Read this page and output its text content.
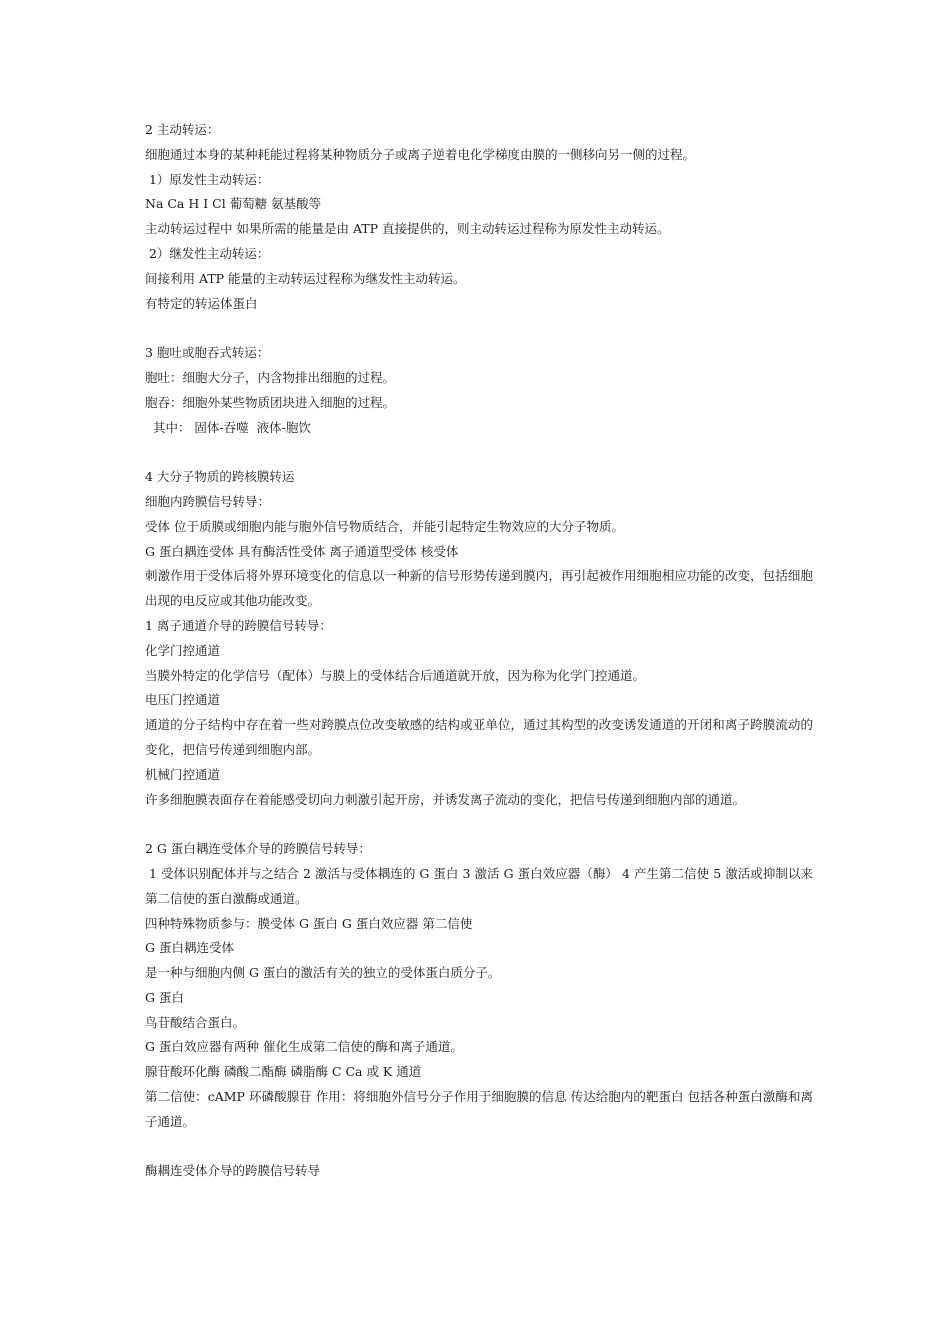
2 主动转运：
细胞通过本身的某种耗能过程将某种物质分子或离子逆着电化学梯度由膜的一侧移向另一侧的过程。
1）原发性主动转运：
Na Ca H I Cl 葡萄糖 氨基酸等
主动转运过程中 如果所需的能量是由 ATP 直接提供的，则主动转运过程称为原发性主动转运。
2）继发性主动转运：
间接利用 ATP 能量的主动转运过程称为继发性主动转运。
有特定的转运体蛋白
3 胞吐或胞吞式转运：
胞吐：细胞大分子，内含物排出细胞的过程。
胞吞：细胞外某些物质团块进入细胞的过程。
其中： 固体-吞噬  液体-胞饮
4 大分子物质的跨核膜转运
细胞内跨膜信号转导：
受体 位于质膜或细胞内能与胞外信号物质结合，并能引起特定生物效应的大分子物质。
G 蛋白耦连受体 具有酶活性受体 离子通道型受体 核受体
刺激作用于受体后将外界环境变化的信息以一种新的信号形势传递到膜内，再引起被作用细胞相应功能的改变，包括细胞出现的电反应或其他功能改变。
1 离子通道介导的跨膜信号转导：
化学门控通道
当膜外特定的化学信号（配体）与膜上的受体结合后通道就开放，因为称为化学门控通道。
电压门控通道
通道的分子结构中存在着一些对跨膜点位改变敏感的结构或亚单位，通过其构型的改变诱发通道的开闭和离子跨膜流动的变化，把信号传递到细胞内部。
机械门控通道
许多细胞膜表面存在着能感受切向力刺激引起开房，并诱发离子流动的变化，把信号传递到细胞内部的通道。
2 G 蛋白耦连受体介导的跨膜信号转导：
1 受体识别配体并与之结合 2 激活与受体耦连的 G 蛋白 3 激活 G 蛋白效应器（酶） 4 产生第二信使 5 激活或抑制以来第二信使的蛋白激酶或通道。
四种特殊物质参与：膜受体 G 蛋白 G 蛋白效应器 第二信使
G 蛋白耦连受体
是一种与细胞内侧 G 蛋白的激活有关的独立的受体蛋白质分子。
G 蛋白
鸟苷酸结合蛋白。
G 蛋白效应器有两种 催化生成第二信使的酶和离子通道。
腺苷酸环化酶 磷酸二酯酶 磷脂酶 C Ca 或 K 通道
第二信使：cAMP 环磷酸腺苷 作用：将细胞外信号分子作用于细胞膜的信息 传达给胞内的靶蛋白 包括各种蛋白激酶和离子通道。
酶耦连受体介导的跨膜信号转导
